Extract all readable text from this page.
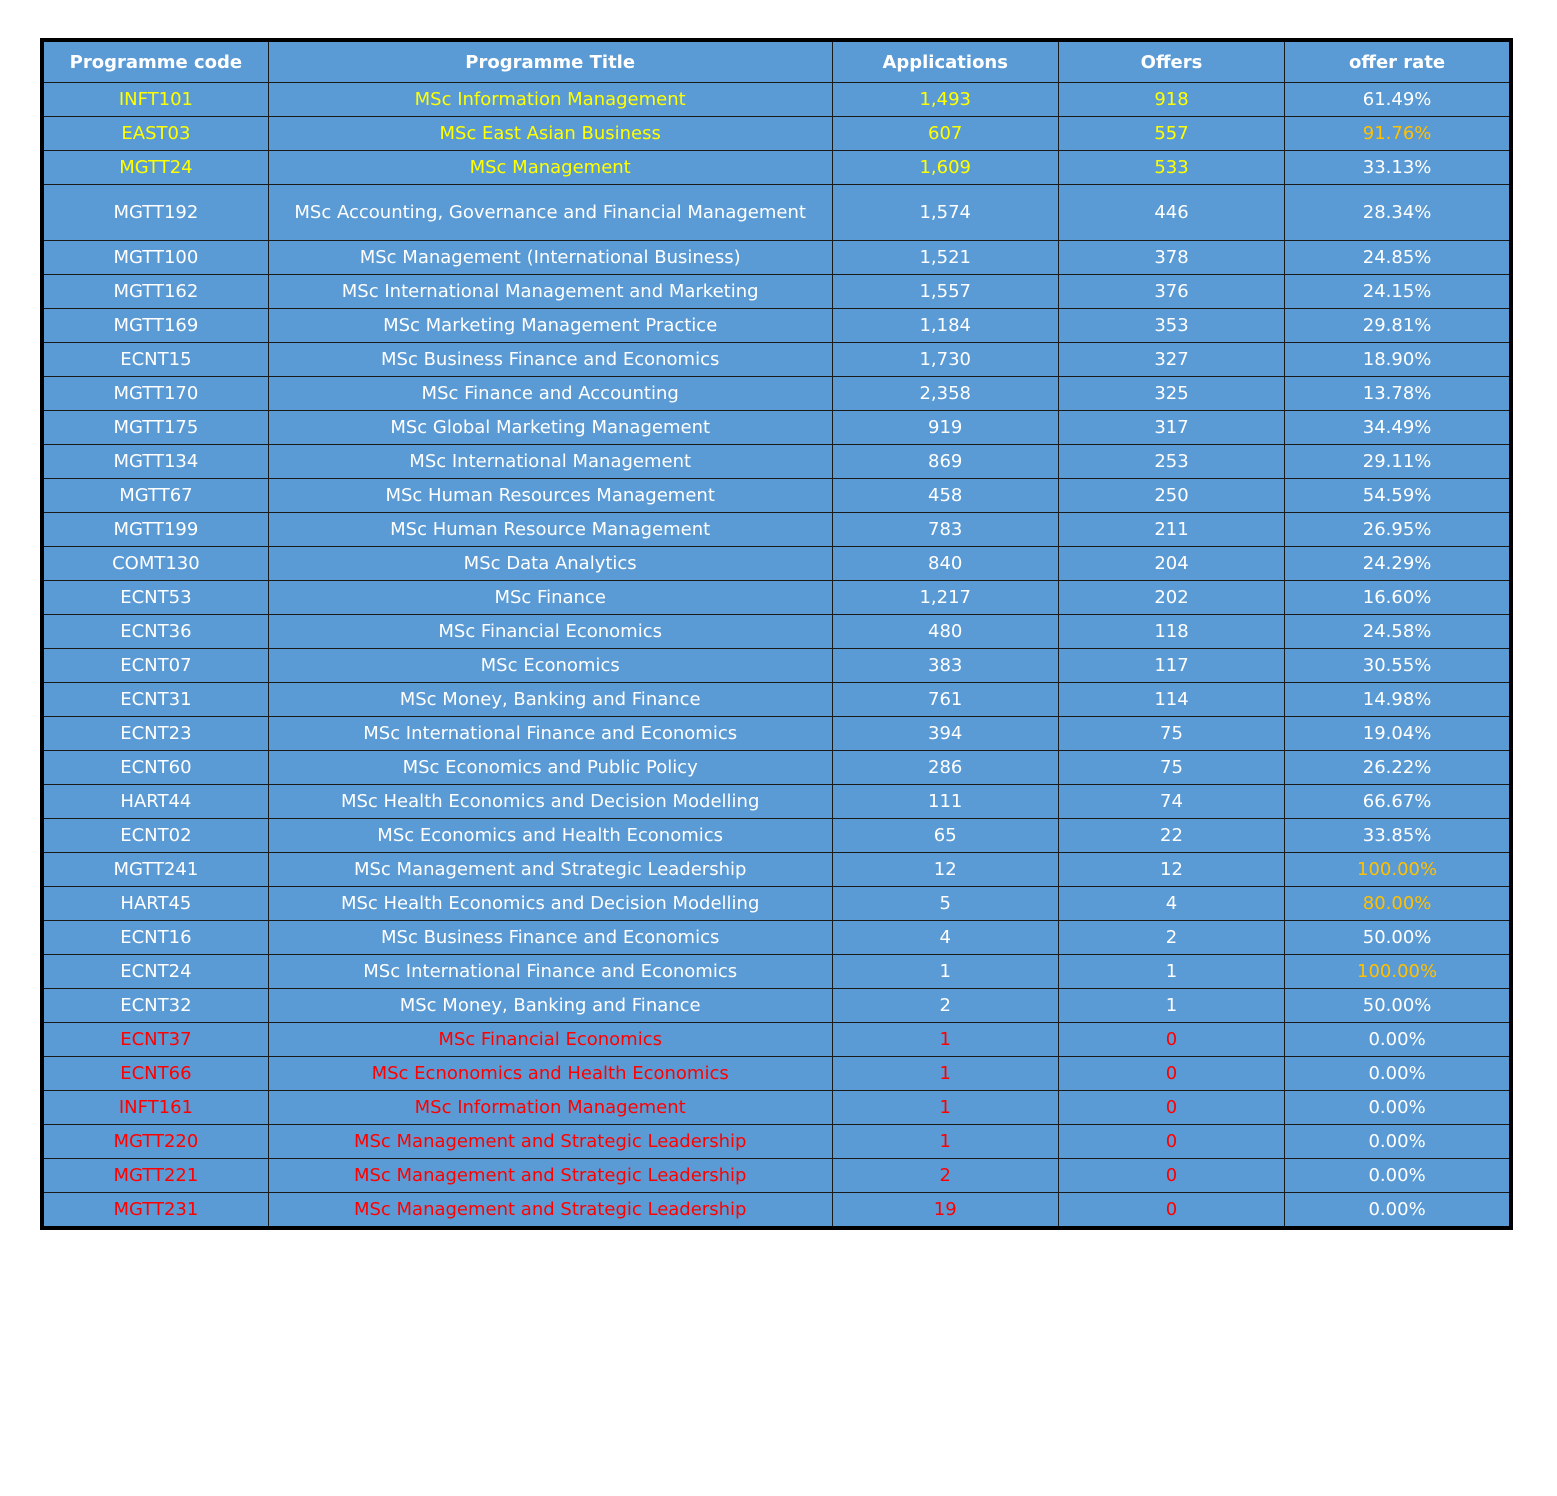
Programme code	Programme Title	Applications	Offers	offer rate
INFT101	MSc Information Management	1,493	918	61.49%
EAST03	MSc East Asian Business	607	557	91.76%
MGTT24	MSc Management	1,609	533	33.13%
MGTT192	MSc Accounting, Governance and Financial Management	1,574	446	28.34%
MGTT100	MSc Management (International Business)	1,521	378	24.85%
MGTT162	MSc International Management and Marketing	1,557	376	24.15%
MGTT169	MSc Marketing Management Practice	1,184	353	29.81%
ECNT15	MSc Business Finance and Economics	1,730	327	18.90%
MGTT170	MSc Finance and Accounting	2,358	325	13.78%
MGTT175	MSc Global Marketing Management	919	317	34.49%
MGTT134	MSc International Management	869	253	29.11%
MGTT67	MSc Human Resources Management	458	250	54.59%
MGTT199	MSc Human Resource Management	783	211	26.95%
COMT130	MSc Data Analytics	840	204	24.29%
ECNT53	MSc Finance	1,217	202	16.60%
ECNT36	MSc Financial Economics	480	118	24.58%
ECNT07	MSc Economics	383	117	30.55%
ECNT31	MSc Money, Banking and Finance	761	114	14.98%
ECNT23	MSc International Finance and Economics	394	75	19.04%
ECNT60	MSc Economics and Public Policy	286	75	26.22%
HART44	MSc Health Economics and Decision Modelling	111	74	66.67%
ECNT02	MSc Economics and Health Economics	65	22	33.85%
MGTT241	MSc Management and Strategic Leadership	12	12	100.00%
HART45	MSc Health Economics and Decision Modelling	5	4	80.00%
ECNT16	MSc Business Finance and Economics	4	2	50.00%
ECNT24	MSc International Finance and Economics	1	1	100.00%
ECNT32	MSc Money, Banking and Finance	2	1	50.00%
ECNT37	MSc Financial Economics	1	0	0.00%
ECNT66	MSc Ecnonomics and Health Economics	1	0	0.00%
INFT161	MSc Information Management	1	0	0.00%
MGTT220	MSc Management and Strategic Leadership	1	0	0.00%
MGTT221	MSc Management and Strategic Leadership	2	0	0.00%
MGTT231	MSc Management and Strategic Leadership	19	0	0.00%
